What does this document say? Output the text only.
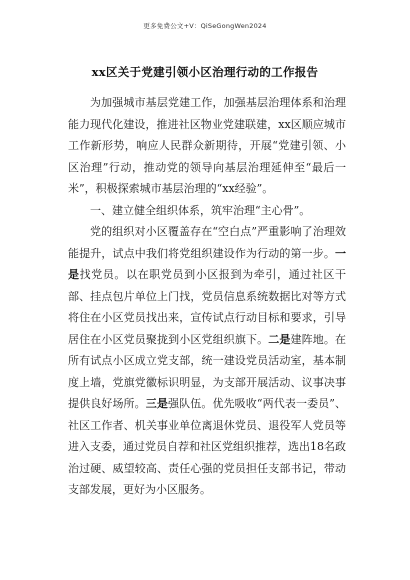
更多免费公文+V：QiSeGongWen2024
xx区关于党建引领小区治理行动的工作报告

为加强城市基层党建工作，加强基层治理体系和治理能力现代化建设，推进社区物业党建联建，xx区顺应城市工作新形势，响应人民群众新期待，开展“党建引领、小区治理”行动，推动党的领导向基层治理延伸至“最后一米”，积极探索城市基层治理的“xx经验”。

一、建立健全组织体系，筑牢治理“主心骨”。

党的组织对小区覆盖存在“空白点”严重影响了治理效能提升，试点中我们将党组织建设作为行动的第一步。一是找党员。以在职党员到小区报到为牵引，通过社区干部、挂点包片单位上门找，党员信息系统数据比对等方式将住在小区党员找出来，宣传试点行动目标和要求，引导居住在小区党员聚拢到小区党组织旗下。二是建阵地。在所有试点小区成立党支部，统一建设党员活动室，基本制度上墙，党旗党徽标识明显，为支部开展活动、议事决事提供良好场所。三是强队伍。优先吸收“两代表一委员”、社区工作者、机关事业单位离退休党员、退役军人党员等进入支委，通过党员自荐和社区党组织推荐，选出18名政治过硬、威望较高、责任心强的党员担任支部书记，带动支部发展，更好为小区服务。
